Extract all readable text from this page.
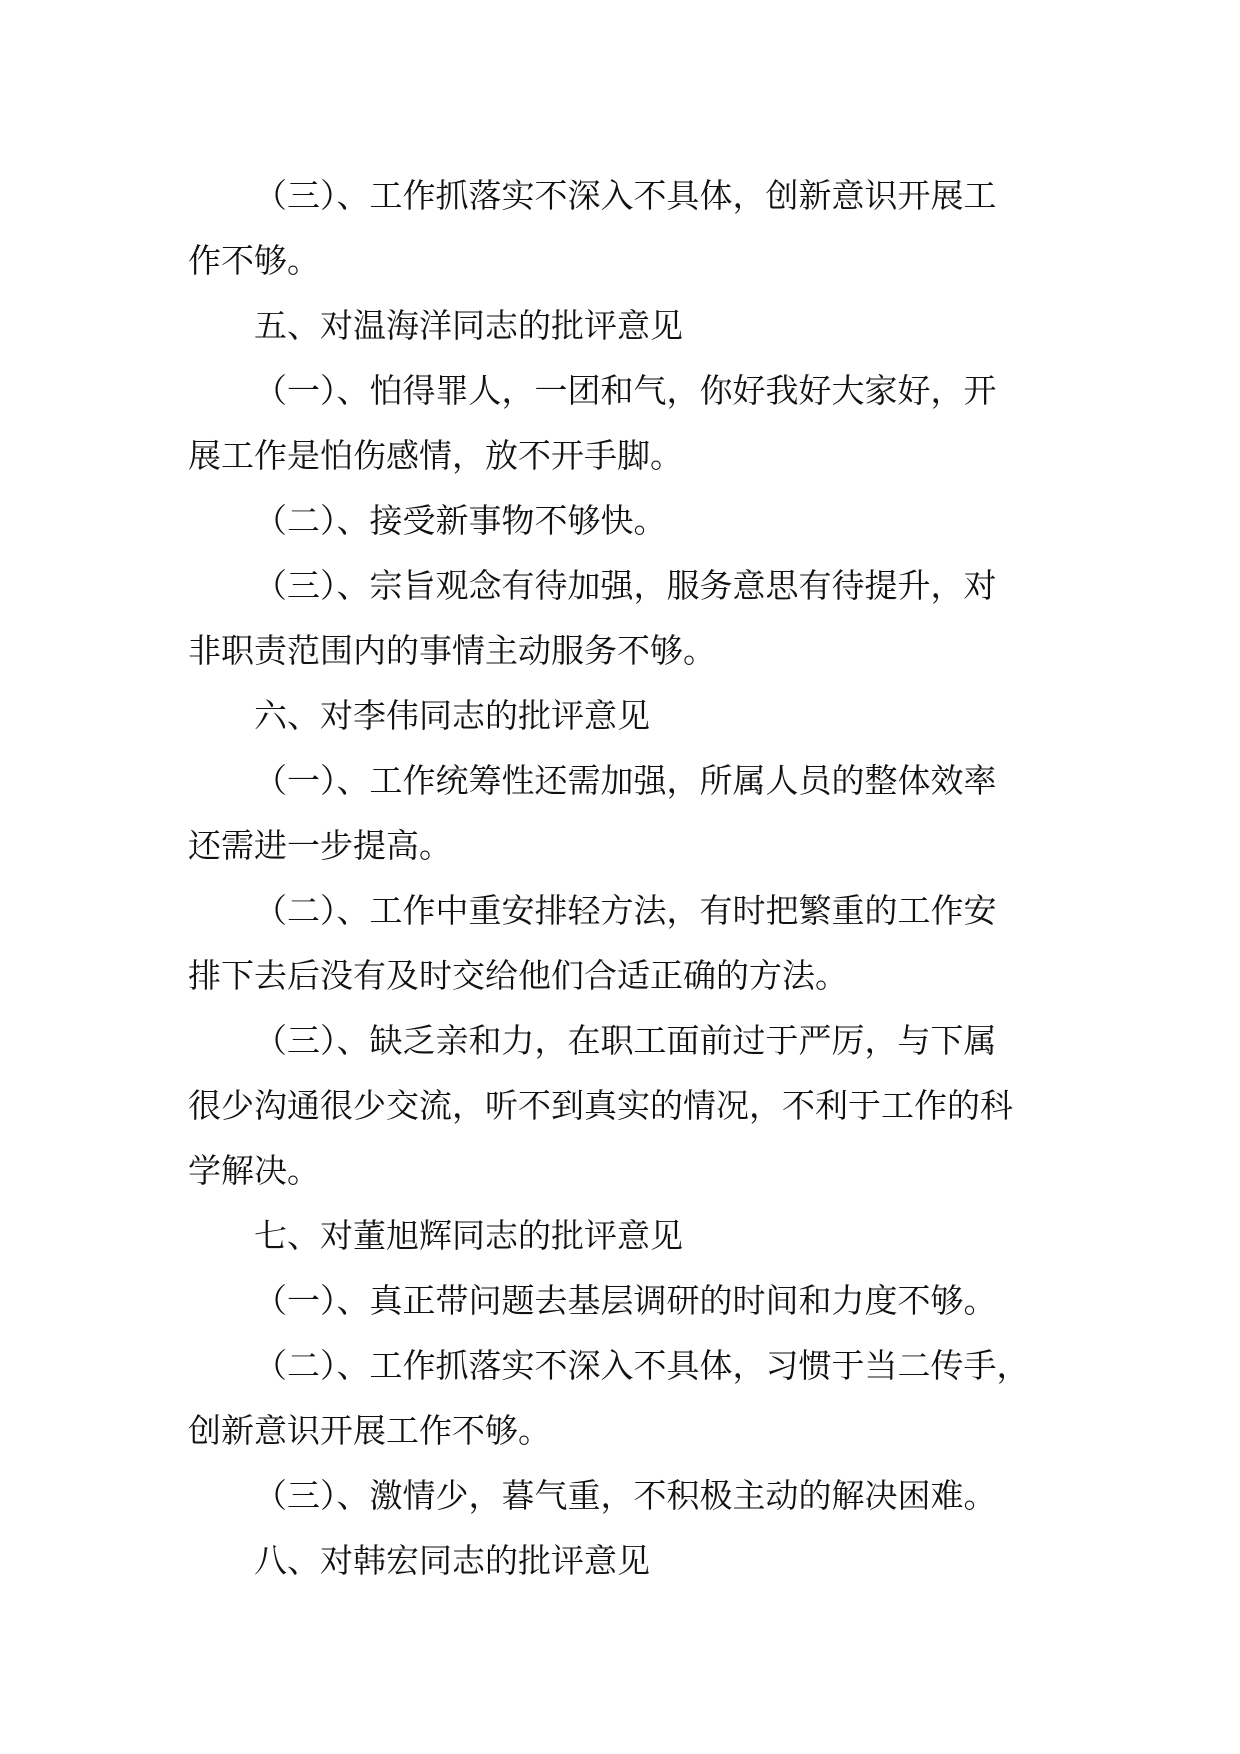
（三）、工作抓落实不深入不具体，创新意识开展工
作不够。
五、对温海洋同志的批评意见
（一）、怕得罪人，一团和气，你好我好大家好，开
展工作是怕伤感情，放不开手脚。
（二）、接受新事物不够快。
（三）、宗旨观念有待加强，服务意思有待提升，对
非职责范围内的事情主动服务不够。
六、对李伟同志的批评意见
（一）、工作统筹性还需加强，所属人员的整体效率
还需进一步提高。
（二）、工作中重安排轻方法，有时把繁重的工作安
排下去后没有及时交给他们合适正确的方法。
（三）、缺乏亲和力，在职工面前过于严厉，与下属
很少沟通很少交流，听不到真实的情况，不利于工作的科
学解决。
七、对董旭辉同志的批评意见
（一）、真正带问题去基层调研的时间和力度不够。
（二）、工作抓落实不深入不具体，习惯于当二传手，
创新意识开展工作不够。
（三）、激情少，暮气重，不积极主动的解决困难。
八、对韩宏同志的批评意见
